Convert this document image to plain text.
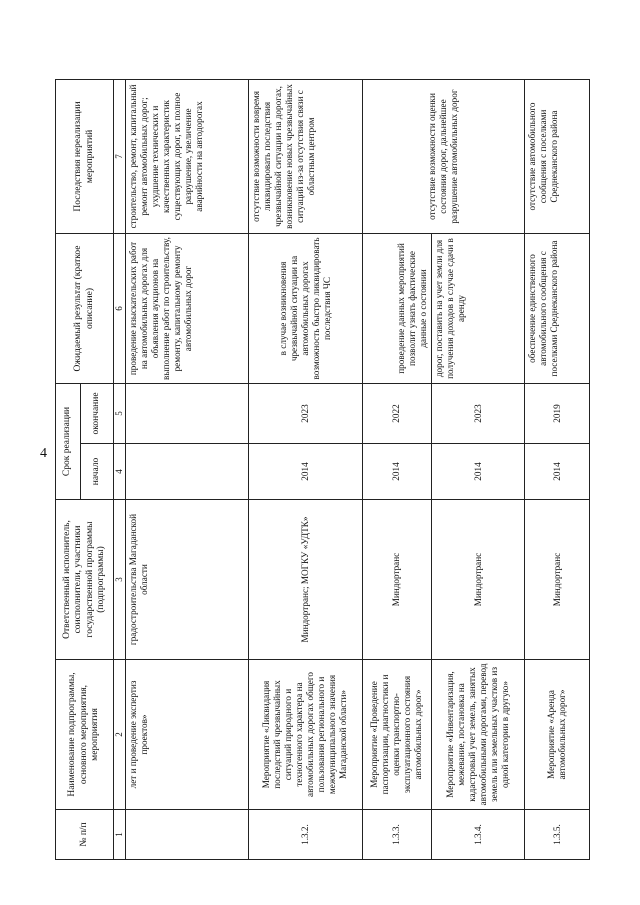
4
№ п/п	Наименование подпрограммы, основного мероприятия, мероприятия	Ответственный исполнитель, соисполнители, участники государственной программы (подпрограммы)	Срок реализации		Ожидаемый результат (краткое описание)	Последствия нереализации мероприятий
			начало	окончание		
1	2	3	4	5	6	7
	лет и проведение экспертиз проектов»	градостроительства Магаданской области			проведение изыскательских работ на автомобильных дорогах для объявления аукционов на выполнение работ по строительству, ремонту, капитальному ремонту автомобильных дорог	строительство, ремонт, капитальный ремонт автомобильных дорог; ухудшение технических и качественных характеристик существующих дорог, их полное разрушение, увеличение аварийности на автодорогах
1.3.2.	Мероприятие «Ликвидация последствий чрезвычайных ситуаций природного и техногенного характера на автомобильных дорогах общего пользования регионального и межмуниципального значения Магаданской области»	Миндортранс; МОГКУ «УДТК»	2014	2023	в случае возникновения чрезвычайной ситуации на автомобильных дорогах возможность быстро ликвидировать последствия ЧС	отсутствие возможности вовремя ликвидировать последствия чрезвычайной ситуации на дорогах, возникновение новых чрезвычайных ситуаций из-за отсутствия связи с областным центром
1.3.3.	Мероприятие «Проведение паспортизации, диагностики и оценки транспортно-эксплуатационного состояния автомобильных дорог»	Миндортранс	2014	2022	проведение данных мероприятий позволит узнать фактические данные о состоянии	отсутствие возможности оценки состояния дорог, дальнейшее разрушение автомобильных дорог
1.3.4.	Мероприятие «Инвентаризация, межевание, постановка на кадастровый учет земель, занятых автомобильными дорогами, перевод земель или земельных участков из одной категории в другую»	Миндортранс	2014	2023	дорог, поставить на учет земли для получения доходов в случае сдачи в аренду	
1.3.5.	Мероприятие «Аренда автомобильных дорог»	Миндортранс	2014	2019	обеспечение единственного автомобильного сообщения с поселками Среднеканского района	отсутствие автомобильного сообщения с поселками Среднеканского района
